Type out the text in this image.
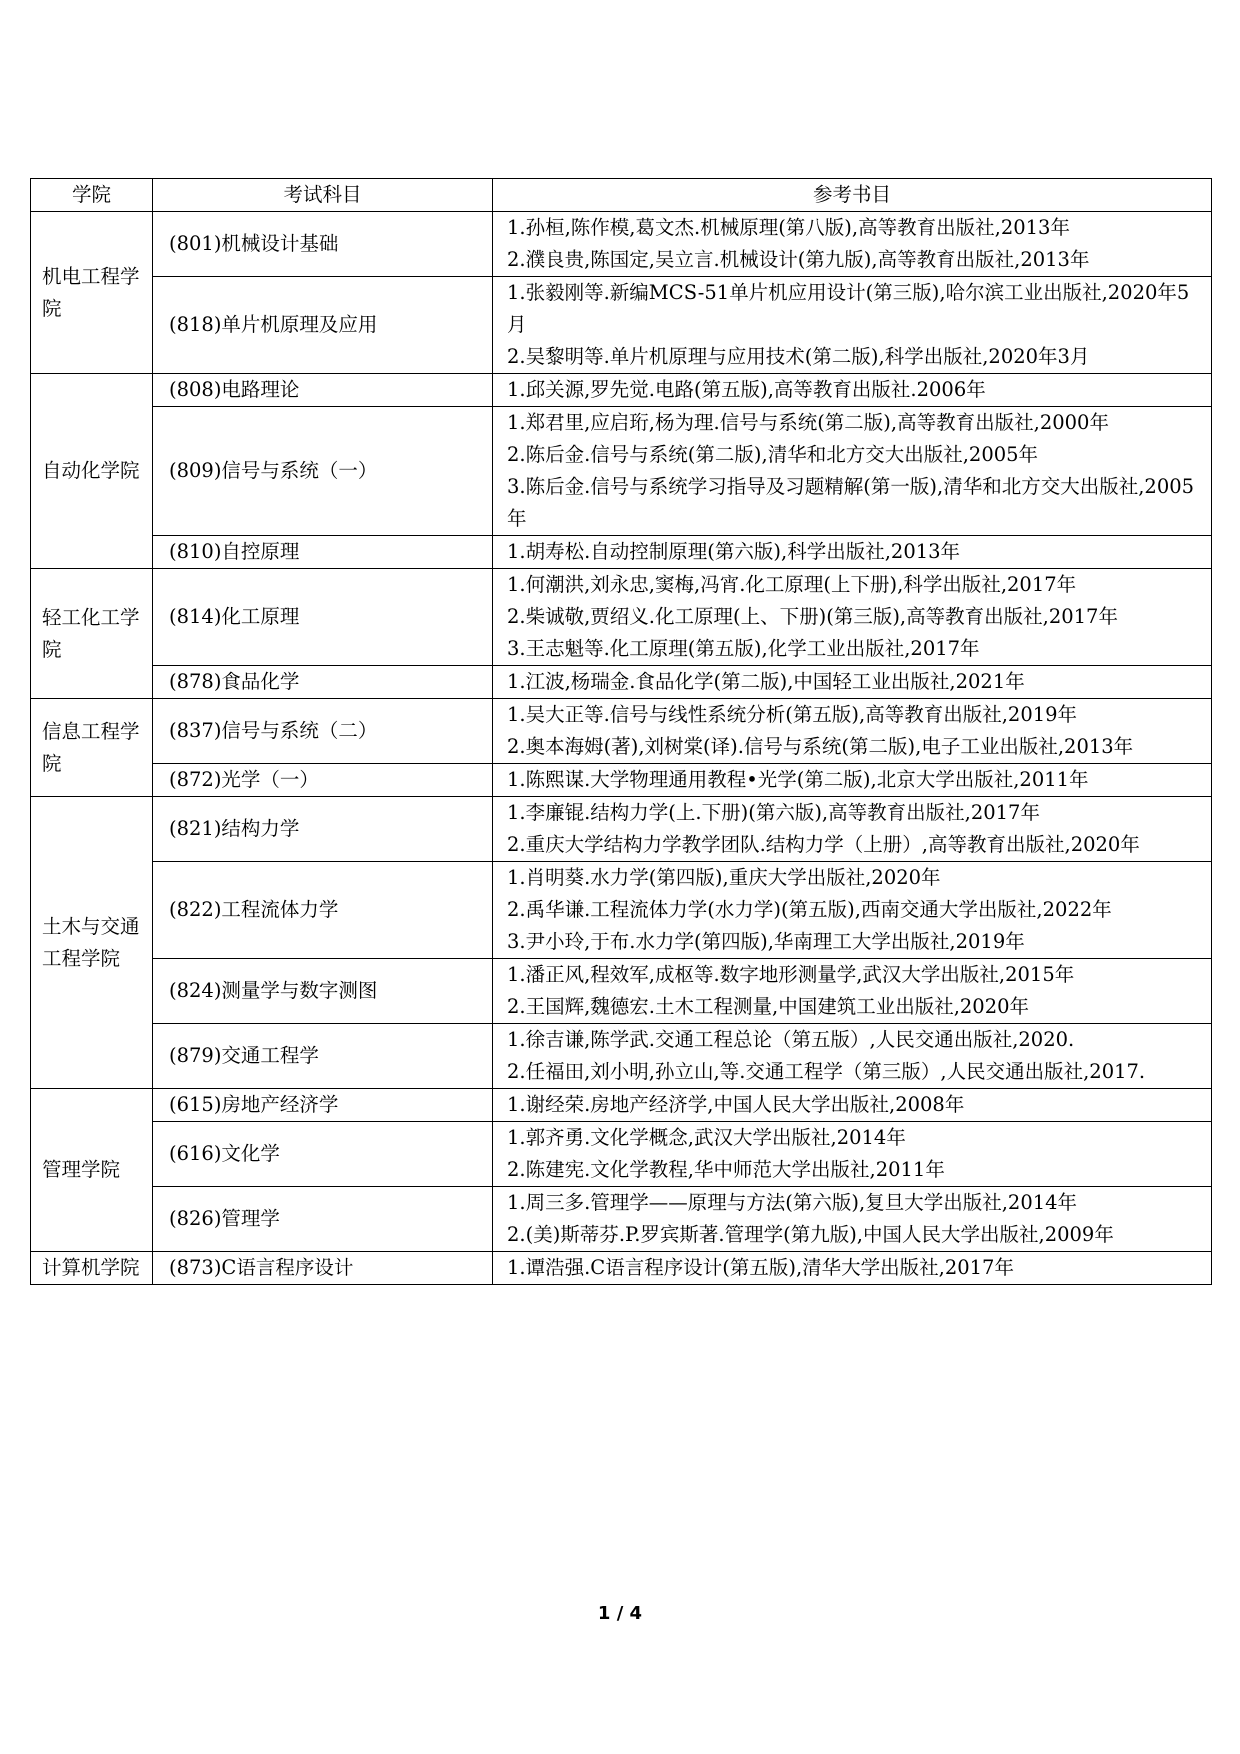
学院	考试科目	参考书目
机电工程学院	(801)机械设计基础	1.孙桓,陈作模,葛文杰.机械原理(第八版),高等教育出版社,2013年
2.濮良贵,陈国定,吴立言.机械设计(第九版),高等教育出版社,2013年

	(818)单片机原理及应用	1.张毅刚等.新编MCS-51单片机应用设计(第三版),哈尔滨工业出版社,2020年5月
2.吴黎明等.单片机原理与应用技术(第二版),科学出版社,2020年3月

自动化学院	(808)电路理论	1.邱关源,罗先觉.电路(第五版),高等教育出版社.2006年

	(809)信号与系统（一）	1.郑君里,应启珩,杨为理.信号与系统(第二版),高等教育出版社,2000年
2.陈后金.信号与系统(第二版),清华和北方交大出版社,2005年
3.陈后金.信号与系统学习指导及习题精解(第一版),清华和北方交大出版社,2005年

	(810)自控原理	1.胡寿松.自动控制原理(第六版),科学出版社,2013年

轻工化工学院	(814)化工原理	1.何潮洪,刘永忠,窦梅,冯宵.化工原理(上下册),科学出版社,2017年
2.柴诚敬,贾绍义.化工原理(上、下册)(第三版),高等教育出版社,2017年
3.王志魁等.化工原理(第五版),化学工业出版社,2017年

	(878)食品化学	1.江波,杨瑞金.食品化学(第二版),中国轻工业出版社,2021年

信息工程学院	(837)信号与系统（二）	1.吴大正等.信号与线性系统分析(第五版),高等教育出版社,2019年
2.奥本海姆(著),刘树棠(译).信号与系统(第二版),电子工业出版社,2013年

	(872)光学（一）	1.陈熙谋.大学物理通用教程•光学(第二版),北京大学出版社,2011年

土木与交通工程学院	(821)结构力学	1.李廉锟.结构力学(上.下册)(第六版),高等教育出版社,2017年
2.重庆大学结构力学教学团队.结构力学（上册）,高等教育出版社,2020年

	(822)工程流体力学	1.肖明葵.水力学(第四版),重庆大学出版社,2020年
2.禹华谦.工程流体力学(水力学)(第五版),西南交通大学出版社,2022年
3.尹小玲,于布.水力学(第四版),华南理工大学出版社,2019年

	(824)测量学与数字测图	1.潘正风,程效军,成枢等.数字地形测量学,武汉大学出版社,2015年
2.王国辉,魏德宏.土木工程测量,中国建筑工业出版社,2020年

	(879)交通工程学	1.徐吉谦,陈学武.交通工程总论（第五版）,人民交通出版社,2020.
2.任福田,刘小明,孙立山,等.交通工程学（第三版）,人民交通出版社,2017.

管理学院	(615)房地产经济学	1.谢经荣.房地产经济学,中国人民大学出版社,2008年

	(616)文化学	1.郭齐勇.文化学概念,武汉大学出版社,2014年
2.陈建宪.文化学教程,华中师范大学出版社,2011年

	(826)管理学	1.周三多.管理学——原理与方法(第六版),复旦大学出版社,2014年
2.(美)斯蒂芬.P.罗宾斯著.管理学(第九版),中国人民大学出版社,2009年

计算机学院	(873)C语言程序设计	1.谭浩强.C语言程序设计(第五版),清华大学出版社,2017年
1 / 4
